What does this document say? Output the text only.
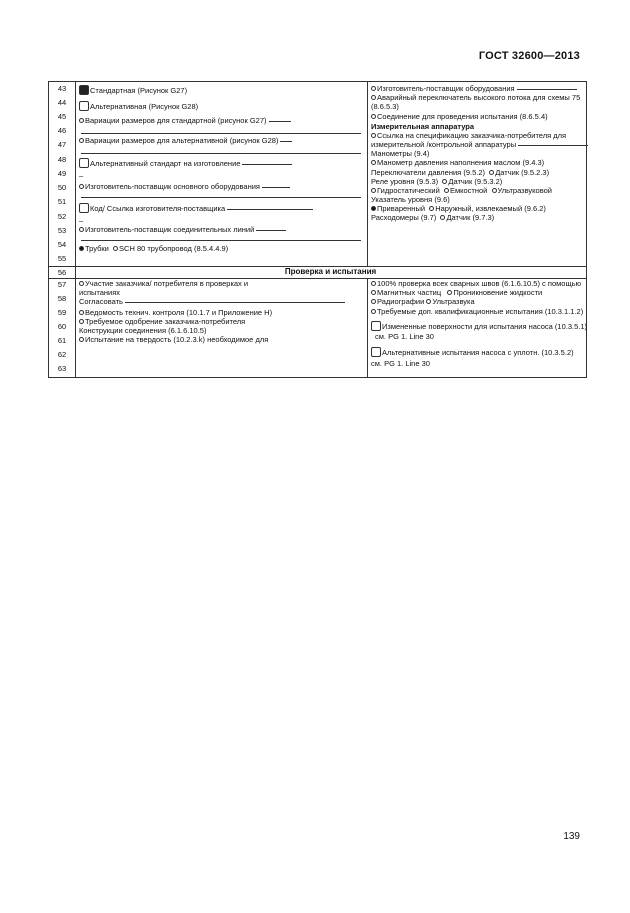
ГОСТ 32600—2013
43
44
45
46
47
48
49
50
51
52
53
54
55
56
57
58
59
60
61
62
63
Стандартная (Рисунок G27)
Альтернативная (Рисунок G28)
Вариации размеров для стандартной (рисунок G27)
Вариации размеров для альтернативной (рисунок G28)
Альтернативный стандарт на изготовление
–
Изготовитель-поставщик основного оборудования
Код/ Ссылка изготовителя-поставщика
–
Изготовитель-поставщик соединительных линий
Трубки SCH 80 трубопровод (8.5.4.4.9)
Изготовитель-поставщик оборудования
Аварийный переключатель высокого потока для схемы 75
(8.6.5.3)
Соединение для проведения испытания (8.6.5.4)
Измерительная аппаратура
Ссылка на спецификацию заказчика-потребителя для
измерительной /контрольной аппаратуры
Манометры (9.4)
Манометр давления наполнения маслом (9.4.3)
Переключатели давления (9.5.2) Датчик (9.5.2.3)
Реле уровня (9.5.3) Датчик (9.5.3.2)
Гидростатический Емкостной Ультразвуковой
Указатель уровня (9.6)
Приваренный Наружный, извлекаемый (9.6.2)
Расходомеры (9.7) Датчик (9.7.3)
Проверка и испытания
Участие заказчика/ потребителя в проверках и
испытаниях
Согласовать
Ведомость технич. контроля (10.1.7 и Приложение H)
Требуемое одобрение заказчика-потребителя
Конструкции соединения (6.1.6.10.5)
Испытание на твердость (10.2.3.k) необходимое для
100% проверка всех сварных швов (6.1.6.10.5) с помощью
Магнитных частиц Проникновение жидкости
Радиографии Ультразвука
Требуемые доп. квалификационные испытания (10.3.1.1.2)
Измененные поверхности для испытания насоса (10.3.5.1)
см. PG 1. Line 30
Альтернативные испытания насоса с уплотн. (10.3.5.2)
см. PG 1. Line 30
139
